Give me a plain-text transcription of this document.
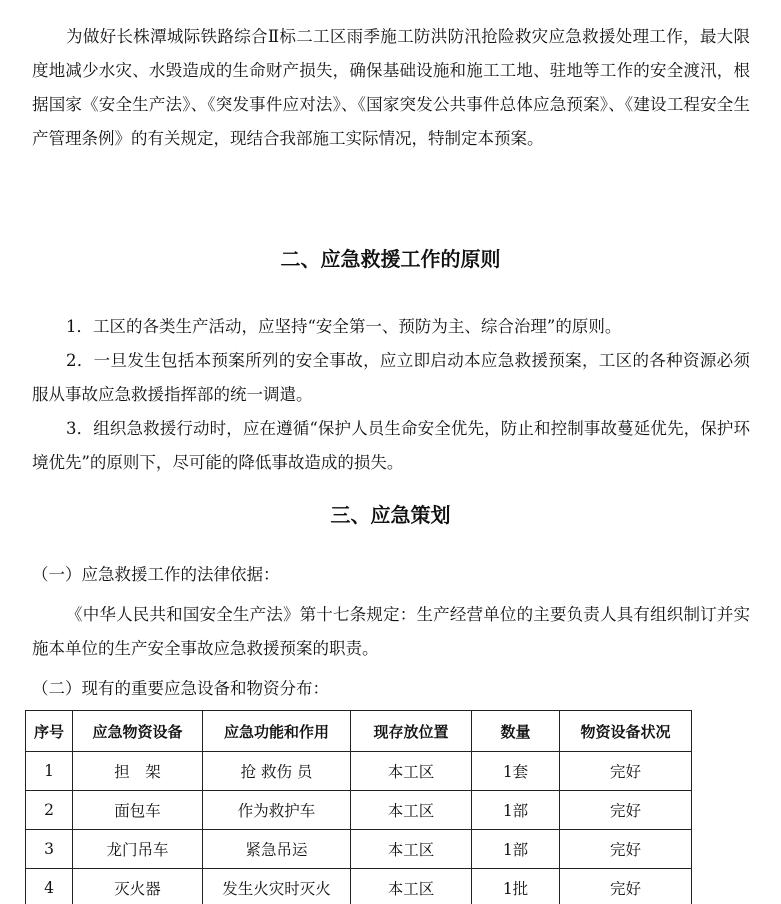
为做好长株潭城际铁路综合Ⅱ标二工区雨季施工防洪防汛抢险救灾应急救援处理工作，最大限度地减少水灾、水毁造成的生命财产损失，确保基础设施和施工工地、驻地等工作的安全渡汛，根据国家《安全生产法》、《突发事件应对法》、《国家突发公共事件总体应急预案》、《建设工程安全生产管理条例》的有关规定，现结合我部施工实际情况，特制定本预案。

二、应急救援工作的原则

1．工区的各类生产活动，应坚持“安全第一、预防为主、综合治理”的原则。

2．一旦发生包括本预案所列的安全事故，应立即启动本应急救援预案，工区的各种资源必须服从事故应急救援指挥部的统一调遣。

3．组织急救援行动时，应在遵循“保护人员生命安全优先，防止和控制事故蔓延优先，保护环境优先”的原则下，尽可能的降低事故造成的损失。

三、应急策划

（一）应急救援工作的法律依据：

《中华人民共和国安全生产法》第十七条规定：生产经营单位的主要负责人具有组织制订并实施本单位的生产安全事故应急救援预案的职责。

（二）现有的重要应急设备和物资分布：

序号	应急物资设备	应急功能和作用	现存放位置	数量	物资设备状况
1	担　架	抢 救伤 员	本工区	1套	完好
2	面包车	作为救护车	本工区	1部	完好
3	龙门吊车	紧急吊运	本工区	1部	完好
4	灭火器	发生火灾时灭火	本工区	1批	完好
